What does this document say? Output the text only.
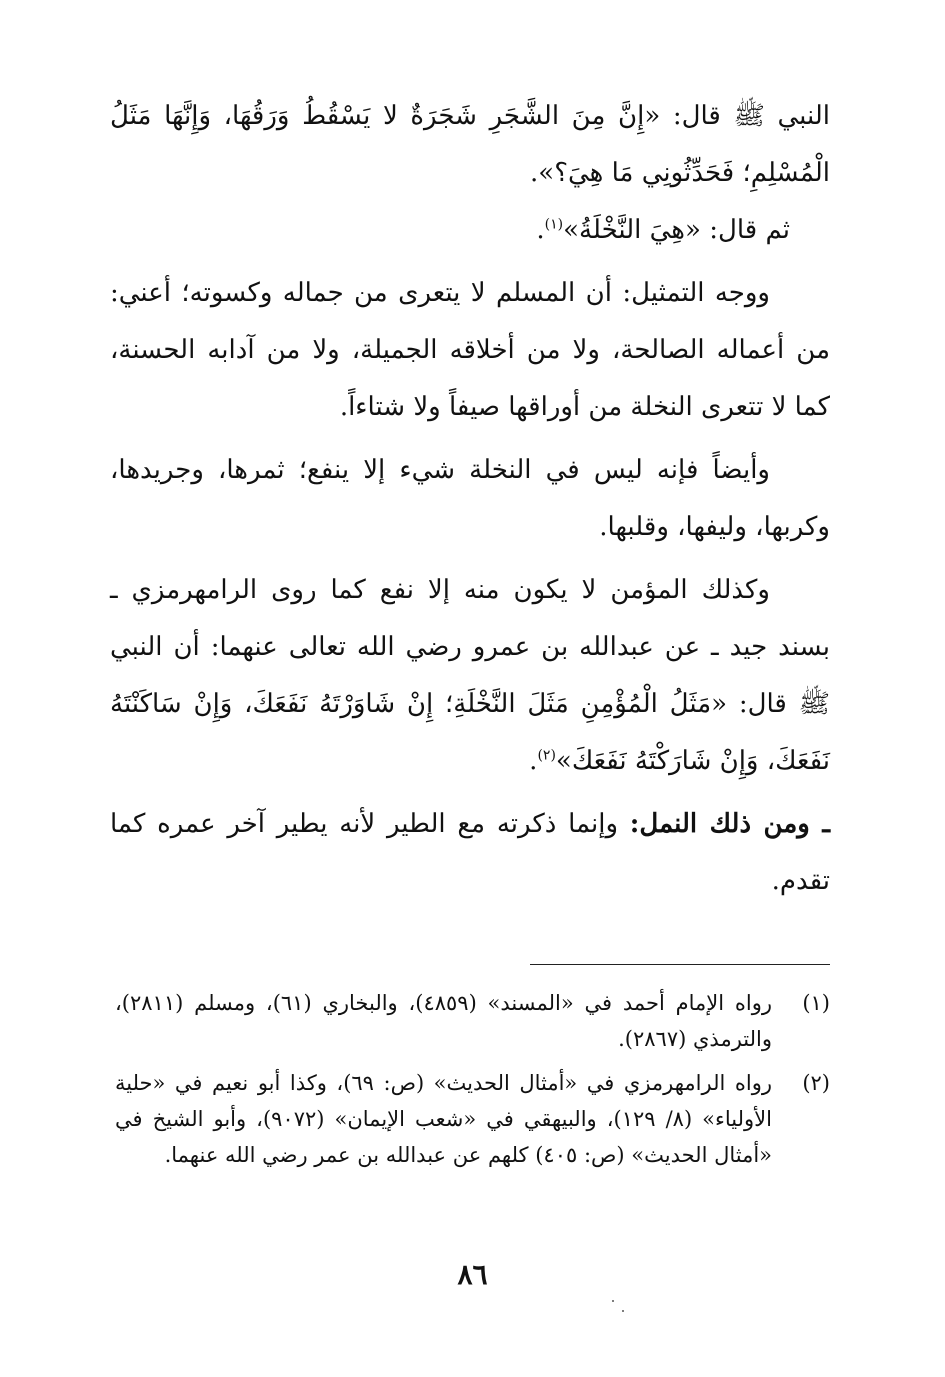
النبي ﷺ قال: «إِنَّ مِنَ الشَّجَرِ شَجَرَةٌ لا يَسْقُطُ وَرَقُهَا، وَإِنَّهَا مَثَلُ الْمُسْلِمِ؛ فَحَدِّثُونِي مَا هِيَ؟».

ثم قال: «هِيَ النَّخْلَةُ»$^{(١)}$.

ووجه التمثيل: أن المسلم لا يتعرى من جماله وكسوته؛ أعني: من أعماله الصالحة، ولا من أخلاقه الجميلة، ولا من آدابه الحسنة، كما لا تتعرى النخلة من أوراقها صيفاً ولا شتاءاً.

وأيضاً فإنه ليس في النخلة شيء إلا ينفع؛ ثمرها، وجريدها، وكربها، وليفها، وقلبها.

وكذلك المؤمن لا يكون منه إلا نفع كما روى الرامهرمزي ـ بسند جيد ـ عن عبدالله بن عمرو رضي الله تعالى عنهما: أن النبي ﷺ قال: «مَثَلُ الْمُؤْمِنِ مَثَلَ النَّخْلَةِ؛ إِنْ شَاوَرْتَهُ نَفَعَكَ، وَإِنْ سَاكَنْتَهُ نَفَعَكَ، وَإِنْ شَارَكْتَهُ نَفَعَكَ»$^{(٢)}$.

ـ ومن ذلك النمل: وإنما ذكرته مع الطير لأنه يطير آخر عمره كما تقدم.

(١)
رواه الإمام أحمد في «المسند» (٤٨٥٩)، والبخاري (٦١)، ومسلم (٢٨١١)، والترمذي (٢٨٦٧).
(٢)
رواه الرامهرمزي في «أمثال الحديث» (ص: ٦٩)، وكذا أبو نعيم في «حلية الأولياء» (٨/ ١٢٩)، والبيهقي في «شعب الإيمان» (٩٠٧٢)، وأبو الشيخ في «أمثال الحديث» (ص: ٤٠٥) كلهم عن عبدالله بن عمر رضي الله عنهما.
٨٦
